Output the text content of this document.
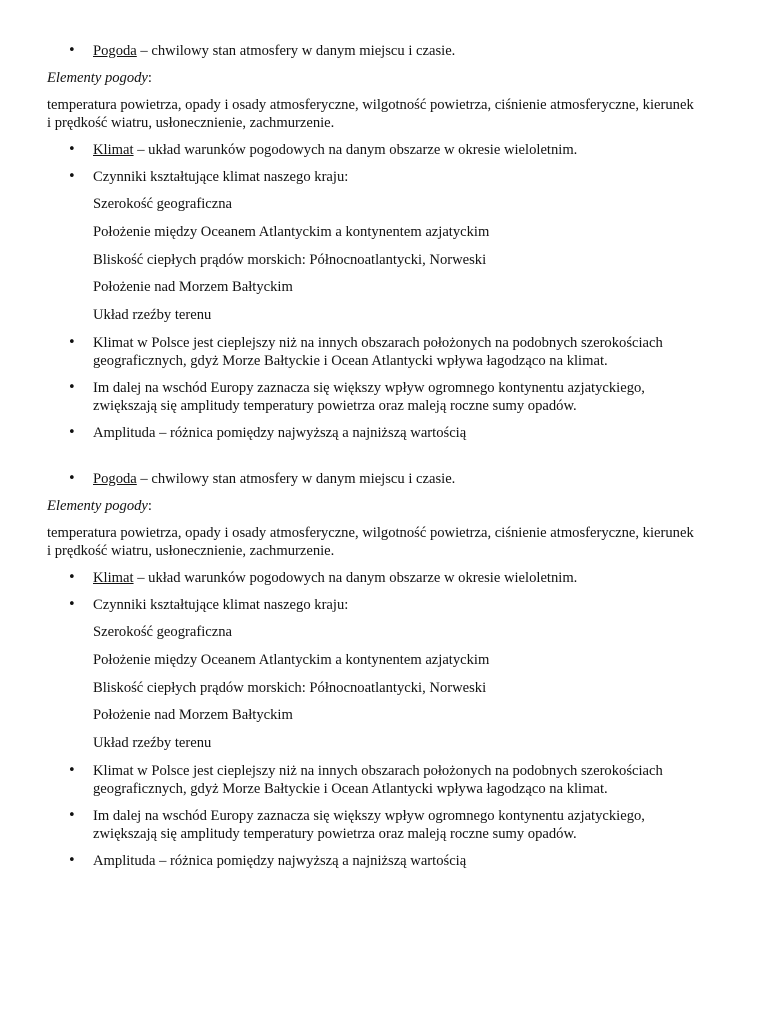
• Pogoda – chwilowy stan atmosfery w danym miejscu i czasie.
Elementy pogody:
temperatura powietrza, opady i osady atmosferyczne, wilgotność powietrza, ciśnienie atmosferyczne, kierunek i prędkość wiatru, usłonecznienie, zachmurzenie.
• Klimat – układ warunków pogodowych na danym obszarze w okresie wieloletnim.
• Czynniki kształtujące klimat naszego kraju:
Szerokość geograficzna
Położenie między Oceanem Atlantyckim a kontynentem azjatyckim
Bliskość ciepłych prądów morskich: Północnoatlantycki, Norweski
Położenie nad Morzem Bałtyckim
Układ rzeźby terenu
• Klimat w Polsce jest cieplejszy niż na innych obszarach położonych na podobnych szerokościach geograficznych, gdyż Morze Bałtyckie i Ocean Atlantycki wpływa łagodząco na klimat.
• Im dalej na wschód Europy zaznacza się większy wpływ ogromnego kontynentu azjatyckiego, zwiększają się amplitudy temperatury powietrza oraz maleją roczne sumy opadów.
• Amplituda – różnica pomiędzy najwyższą a najniższą wartością
• Pogoda – chwilowy stan atmosfery w danym miejscu i czasie.
Elementy pogody:
temperatura powietrza, opady i osady atmosferyczne, wilgotność powietrza, ciśnienie atmosferyczne, kierunek i prędkość wiatru, usłonecznienie, zachmurzenie.
• Klimat – układ warunków pogodowych na danym obszarze w okresie wieloletnim.
• Czynniki kształtujące klimat naszego kraju:
Szerokość geograficzna
Położenie między Oceanem Atlantyckim a kontynentem azjatyckim
Bliskość ciepłych prądów morskich: Północnoatlantycki, Norweski
Położenie nad Morzem Bałtyckim
Układ rzeźby terenu
• Klimat w Polsce jest cieplejszy niż na innych obszarach położonych na podobnych szerokościach geograficznych, gdyż Morze Bałtyckie i Ocean Atlantycki wpływa łagodząco na klimat.
• Im dalej na wschód Europy zaznacza się większy wpływ ogromnego kontynentu azjatyckiego, zwiększają się amplitudy temperatury powietrza oraz maleją roczne sumy opadów.
• Amplituda – różnica pomiędzy najwyższą a najniższą wartością
